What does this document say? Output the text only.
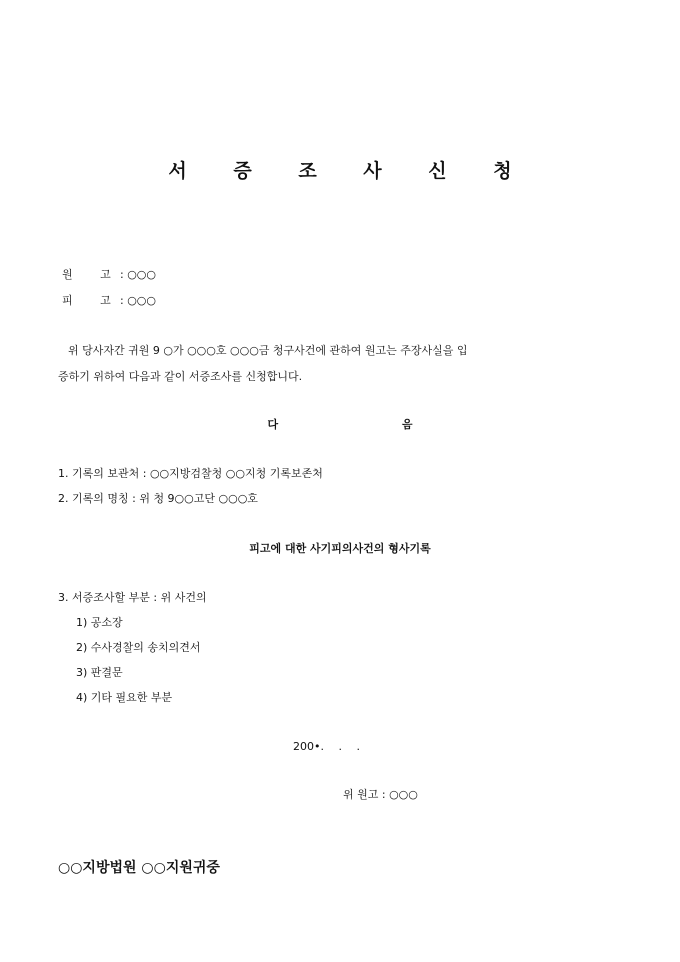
서 증 조 사 신 청
원 고: ○○○
피 고: ○○○
위 당사자간 귀원 9 ○가 ○○○호 ○○○금 청구사건에 관하여 원고는 주장사실을 입
증하기 위하여 다음과 같이 서증조사를 신청합니다.
다 음
1. 기록의 보관처 : ○○지방검찰청 ○○지청 기록보존처
2. 기록의 명칭 : 위 청 9○○고단 ○○○호
피고에 대한 사기피의사건의 형사기록
3. 서증조사할 부분 : 위 사건의
1) 공소장
2) 수사경찰의 송치의견서
3) 판결문
4) 기타 필요한 부분
200•.　 .　 .
위 원고 : ○○○
○○지방법원 ○○지원귀중
